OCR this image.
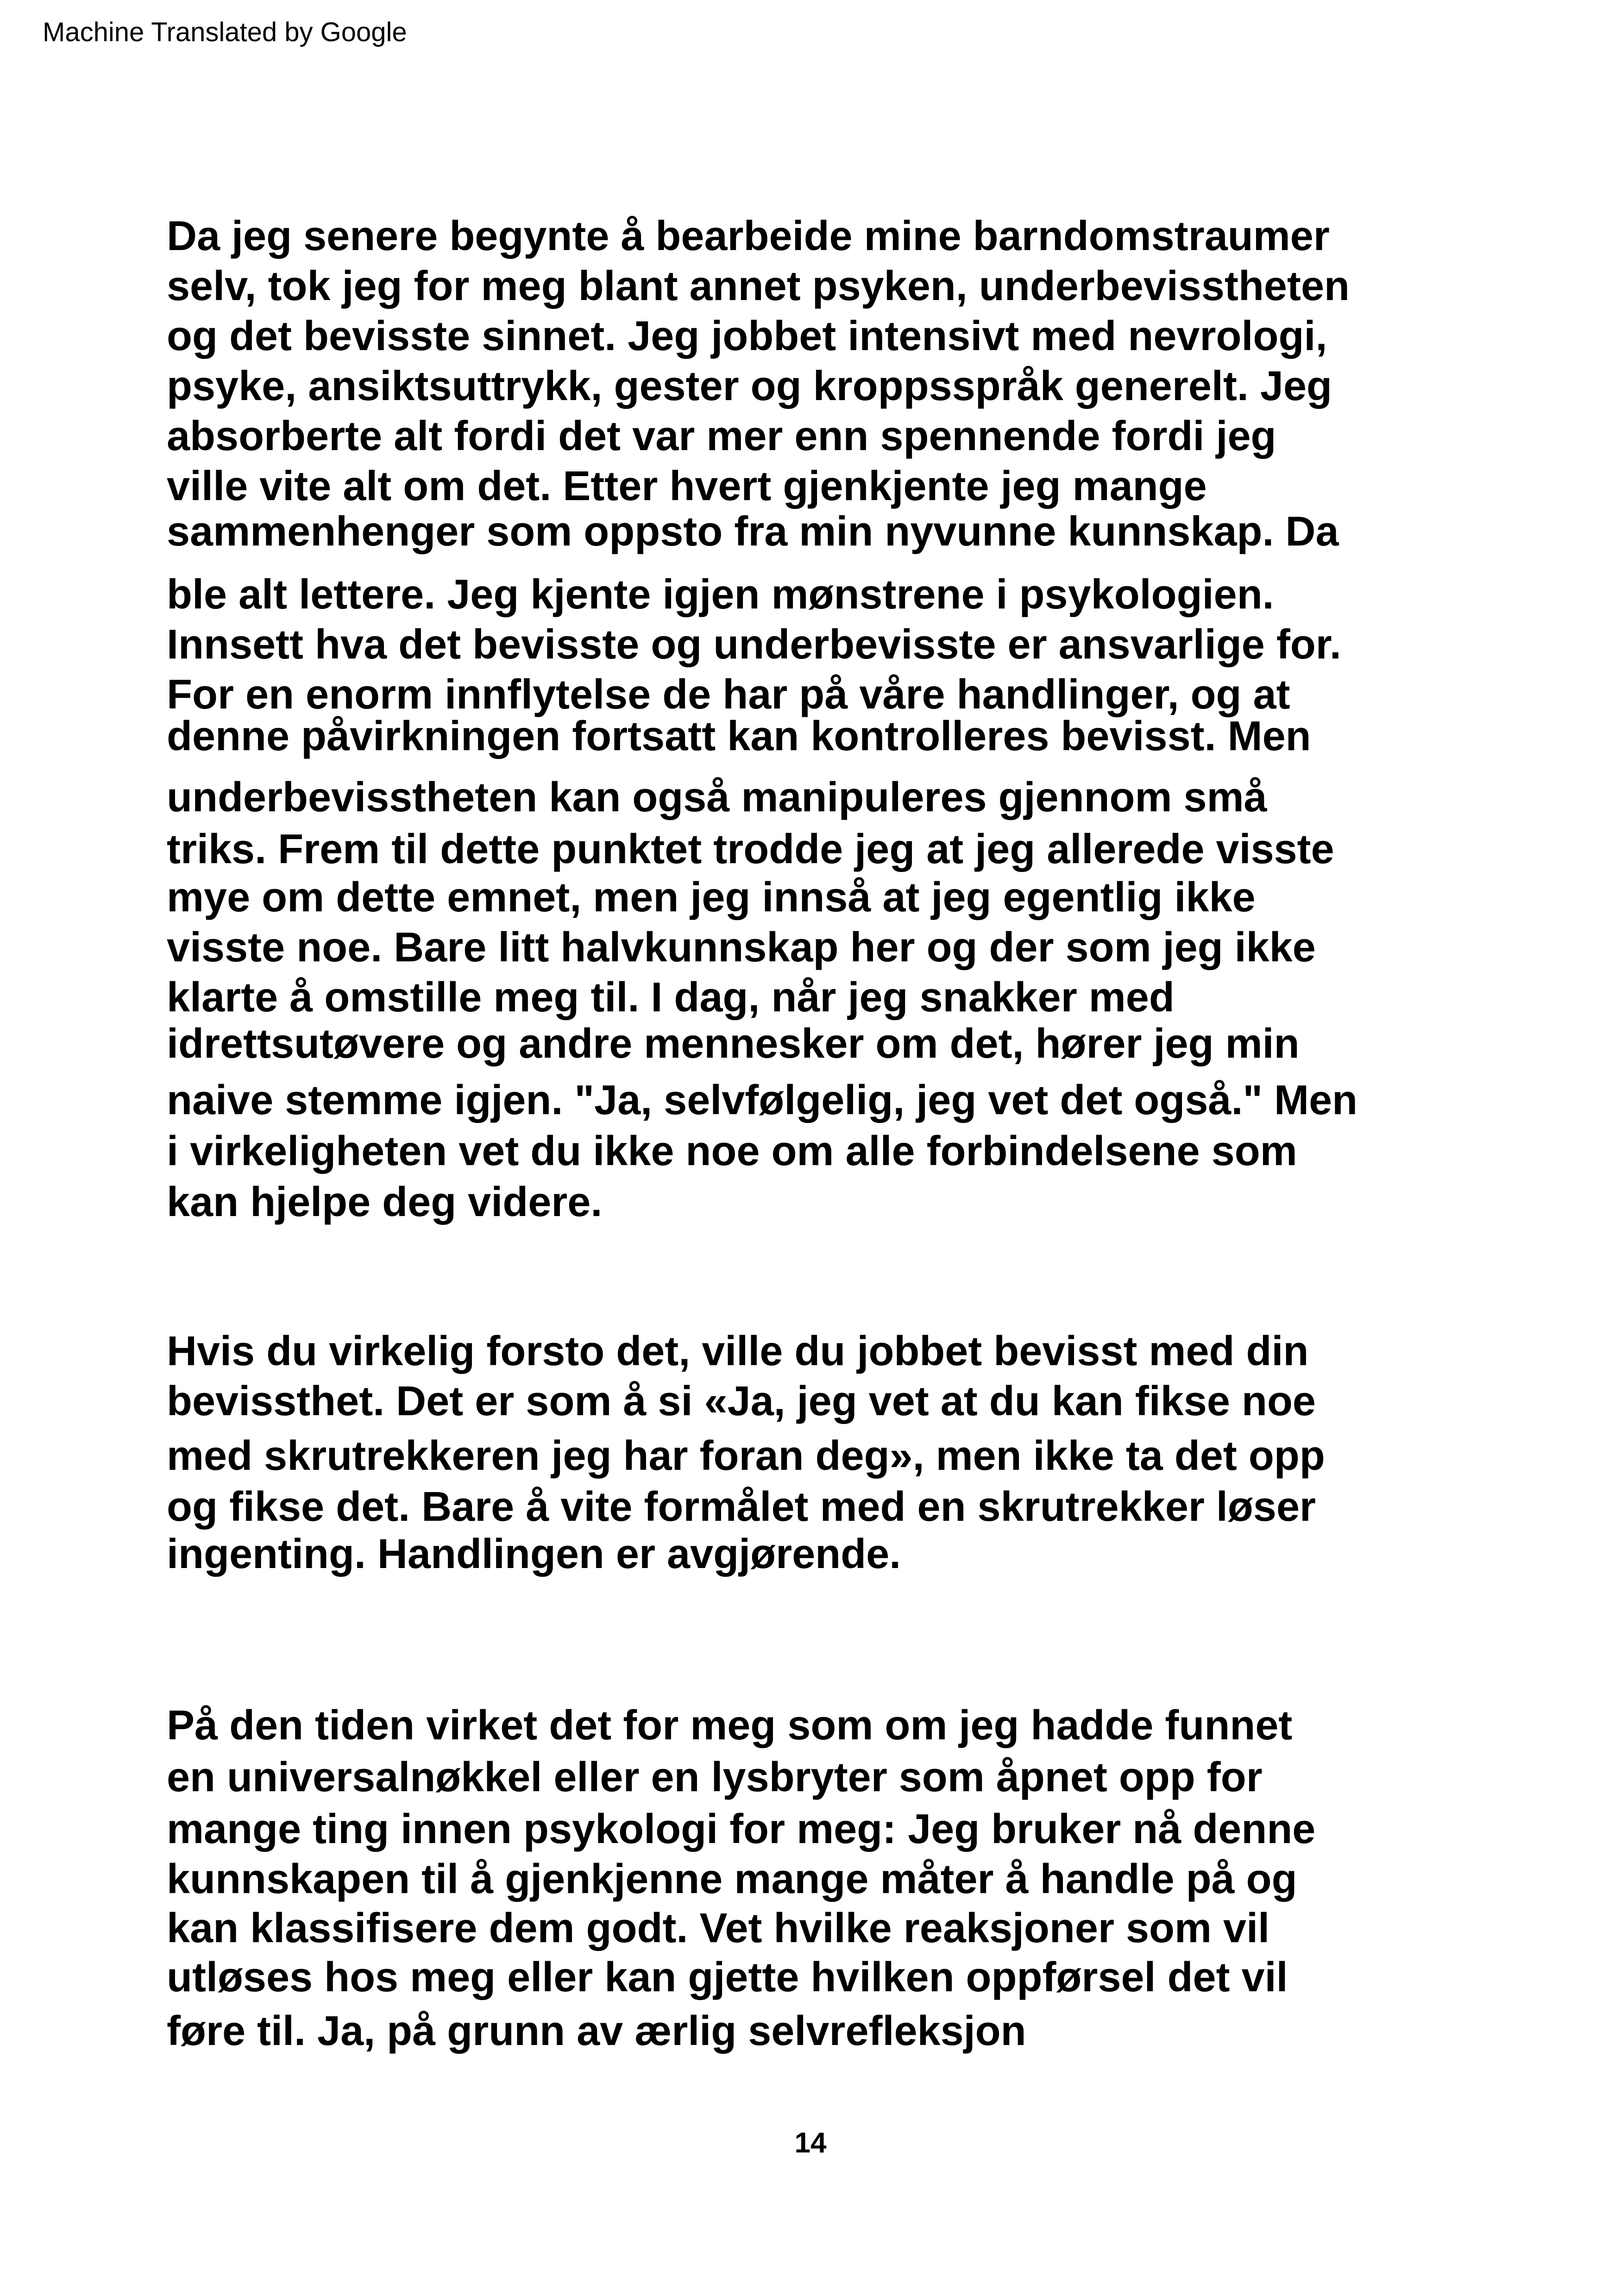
Machine Translated by Google
Da jeg senere begynte å bearbeide mine barndomstraumer
selv, tok jeg for meg blant annet psyken, underbevisstheten
og det bevisste sinnet. Jeg jobbet intensivt med nevrologi,
psyke, ansiktsuttrykk, gester og kroppsspråk generelt. Jeg
absorberte alt fordi det var mer enn spennende fordi jeg
ville vite alt om det. Etter hvert gjenkjente jeg mange
sammenhenger som oppsto fra min nyvunne kunnskap. Da
ble alt lettere. Jeg kjente igjen mønstrene i psykologien.
Innsett hva det bevisste og underbevisste er ansvarlige for.
For en enorm innflytelse de har på våre handlinger, og at
denne påvirkningen fortsatt kan kontrolleres bevisst. Men
underbevisstheten kan også manipuleres gjennom små
triks. Frem til dette punktet trodde jeg at jeg allerede visste
mye om dette emnet, men jeg innså at jeg egentlig ikke
visste noe. Bare litt halvkunnskap her og der som jeg ikke
klarte å omstille meg til. I dag, når jeg snakker med
idrettsutøvere og andre mennesker om det, hører jeg min
naive stemme igjen. "Ja, selvfølgelig, jeg vet det også." Men
i virkeligheten vet du ikke noe om alle forbindelsene som
kan hjelpe deg videre.
Hvis du virkelig forsto det, ville du jobbet bevisst med din
bevissthet. Det er som å si «Ja, jeg vet at du kan fikse noe
med skrutrekkeren jeg har foran deg», men ikke ta det opp
og fikse det. Bare å vite formålet med en skrutrekker løser
ingenting. Handlingen er avgjørende.
På den tiden virket det for meg som om jeg hadde funnet
en universalnøkkel eller en lysbryter som åpnet opp for
mange ting innen psykologi for meg: Jeg bruker nå denne
kunnskapen til å gjenkjenne mange måter å handle på og
kan klassifisere dem godt. Vet hvilke reaksjoner som vil
utløses hos meg eller kan gjette hvilken oppførsel det vil
føre til. Ja, på grunn av ærlig selvrefleksjon
14
